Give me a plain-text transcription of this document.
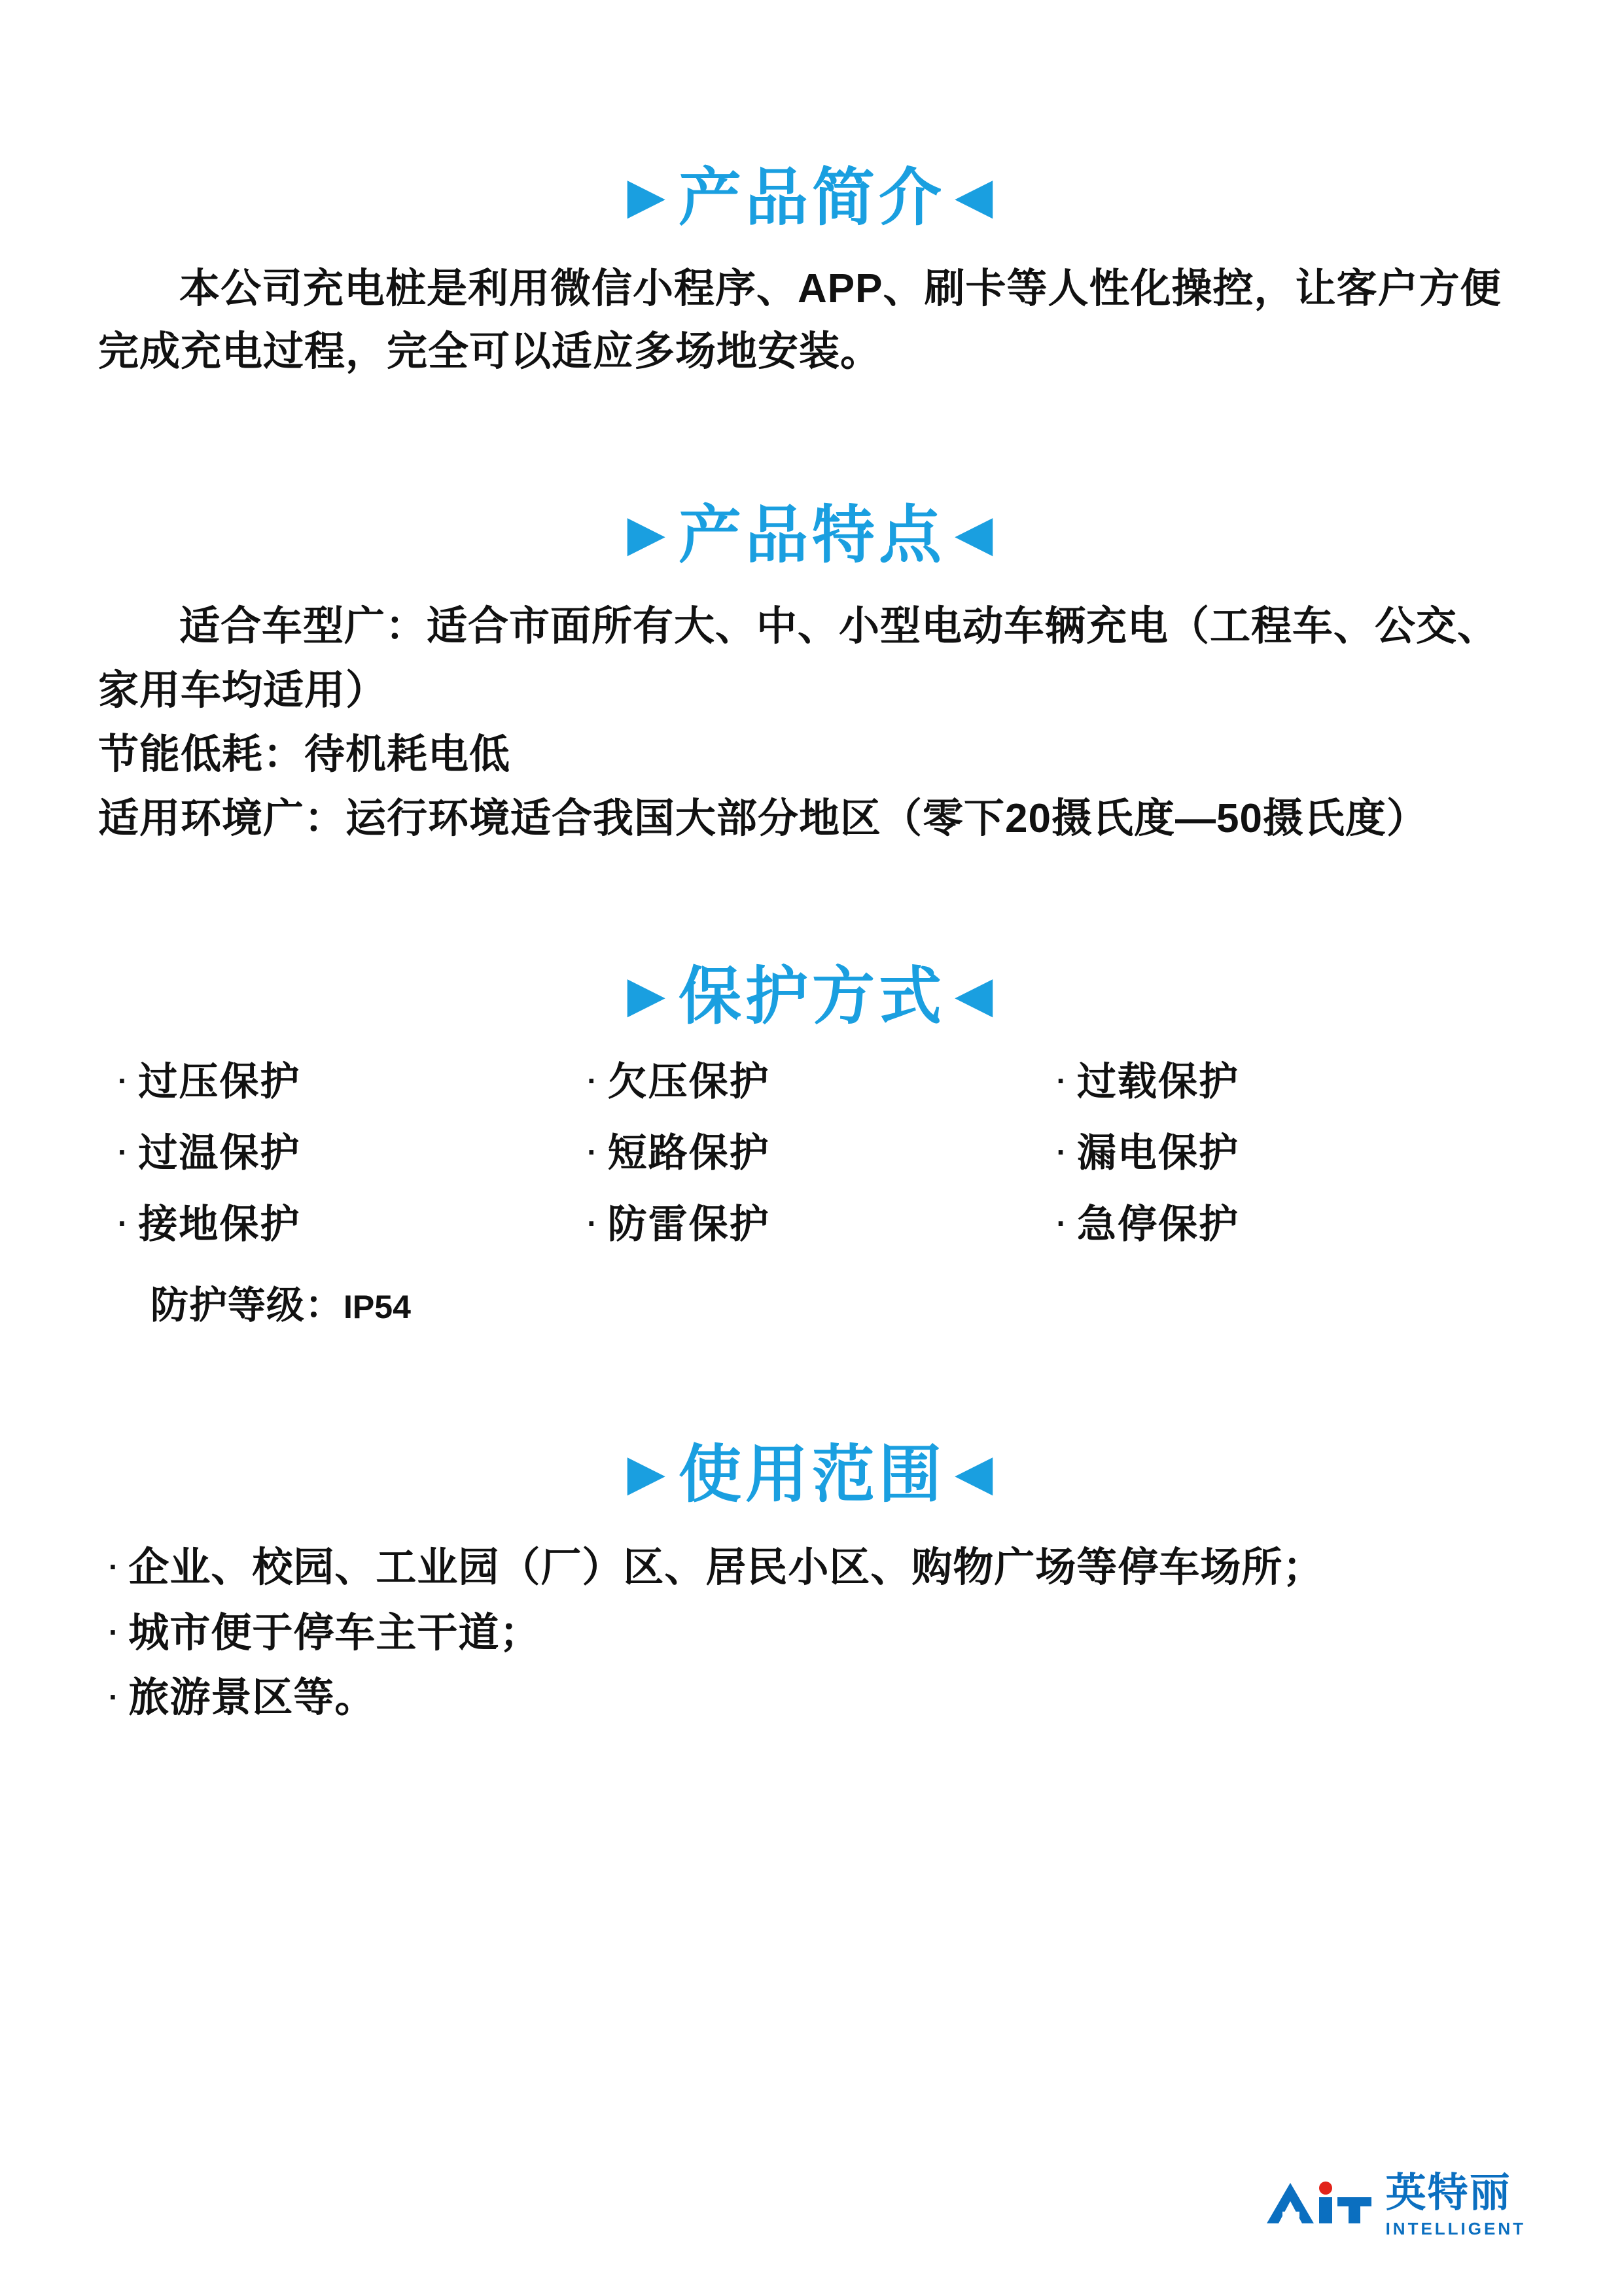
▶ 产品简介 ◀
本公司充电桩是利用微信小程序、APP、刷卡等人性化操控，让客户方便完成充电过程，完全可以适应多场地安装。
▶ 产品特点 ◀
适合车型广：适合市面所有大、中、小型电动车辆充电（工程车、公交、家用车均适用）
节能低耗：待机耗电低
适用环境广：运行环境适合我国大部分地区（零下20摄氏度—50摄氏度）
▶ 保护方式 ◀
· 过压保护	· 欠压保护	· 过载保护
· 过温保护	· 短路保护	· 漏电保护
· 接地保护	· 防雷保护	· 急停保护
防护等级：IP54
▶ 使用范围 ◀
· 企业、校园、工业园（厂）区、居民小区、购物广场等停车场所；
· 城市便于停车主干道；
· 旅游景区等。
英特丽
INTELLIGENT
